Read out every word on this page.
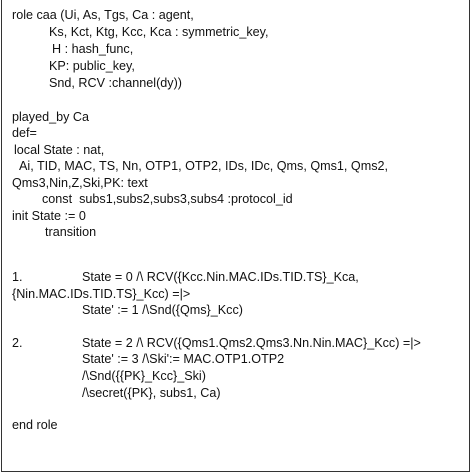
role caa (Ui, As, Tgs, Ca : agent,
Ks, Kct, Ktg, Kcc, Kca : symmetric_key,
H : hash_func,
KP: public_key,
Snd, RCV :channel(dy))
played_by Ca
def=
local State : nat,
Ai, TID, MAC, TS, Nn, OTP1, OTP2, IDs, IDc, Qms, Qms1, Qms2,
Qms3,Nin,Z,Ski,PK: text
const  subs1,subs2,subs3,subs4 :protocol_id
init State := 0
transition
1.	State = 0 /\ RCV({Kcc.Nin.MAC.IDs.TID.TS}_Kca,
{Nin.MAC.IDs.TID.TS}_Kcc) =|>
State' := 1 /\Snd({Qms}_Kcc)
2.	State = 2 /\ RCV({Qms1.Qms2.Qms3.Nn.Nin.MAC}_Kcc) =|>
State' := 3 /\Ski':= MAC.OTP1.OTP2
/\Snd({{PK}_Kcc}_Ski)
/\secret({PK}, subs1, Ca)
end role
